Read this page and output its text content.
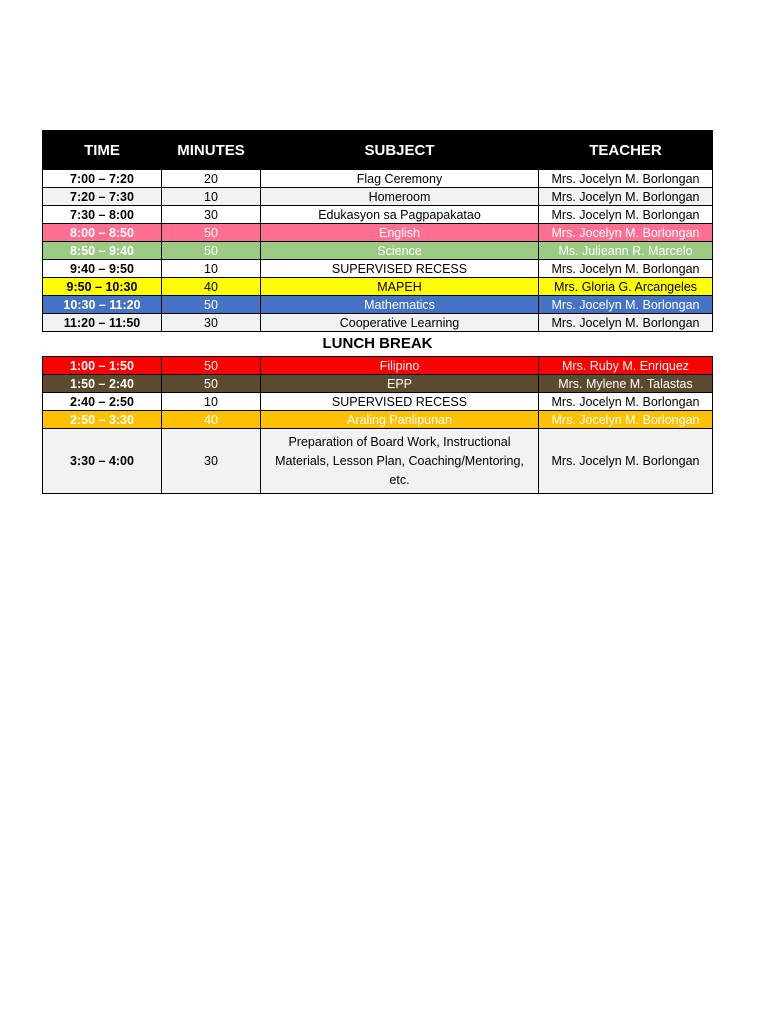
TIME	MINUTES	SUBJECT	TEACHER
7:00 – 7:20	20	Flag Ceremony	Mrs. Jocelyn M. Borlongan
7:20 – 7:30	10	Homeroom	Mrs. Jocelyn M. Borlongan
7:30 – 8:00	30	Edukasyon sa Pagpapakatao	Mrs. Jocelyn M. Borlongan
8:00 – 8:50	50	English	Mrs. Jocelyn M. Borlongan
8:50 – 9:40	50	Science	Ms. Julieann R. Marcelo
9:40 – 9:50	10	SUPERVISED RECESS	Mrs. Jocelyn M. Borlongan
9:50 – 10:30	40	MAPEH	Mrs. Gloria G. Arcangeles
10:30 – 11:20	50	Mathematics	Mrs. Jocelyn M. Borlongan
11:20 – 11:50	30	Cooperative Learning	Mrs. Jocelyn M. Borlongan
LUNCH BREAK			
1:00 – 1:50	50	Filipino	Mrs. Ruby M. Enriquez
1:50 – 2:40	50	EPP	Mrs. Mylene M. Talastas
2:40 – 2:50	10	SUPERVISED RECESS	Mrs. Jocelyn M. Borlongan
2:50 – 3:30	40	Araling Panlipunan	Mrs. Jocelyn M. Borlongan
3:30 – 4:00	30	Preparation of Board Work, Instructional Materials, Lesson Plan, Coaching/Mentoring, etc.	Mrs. Jocelyn M. Borlongan
